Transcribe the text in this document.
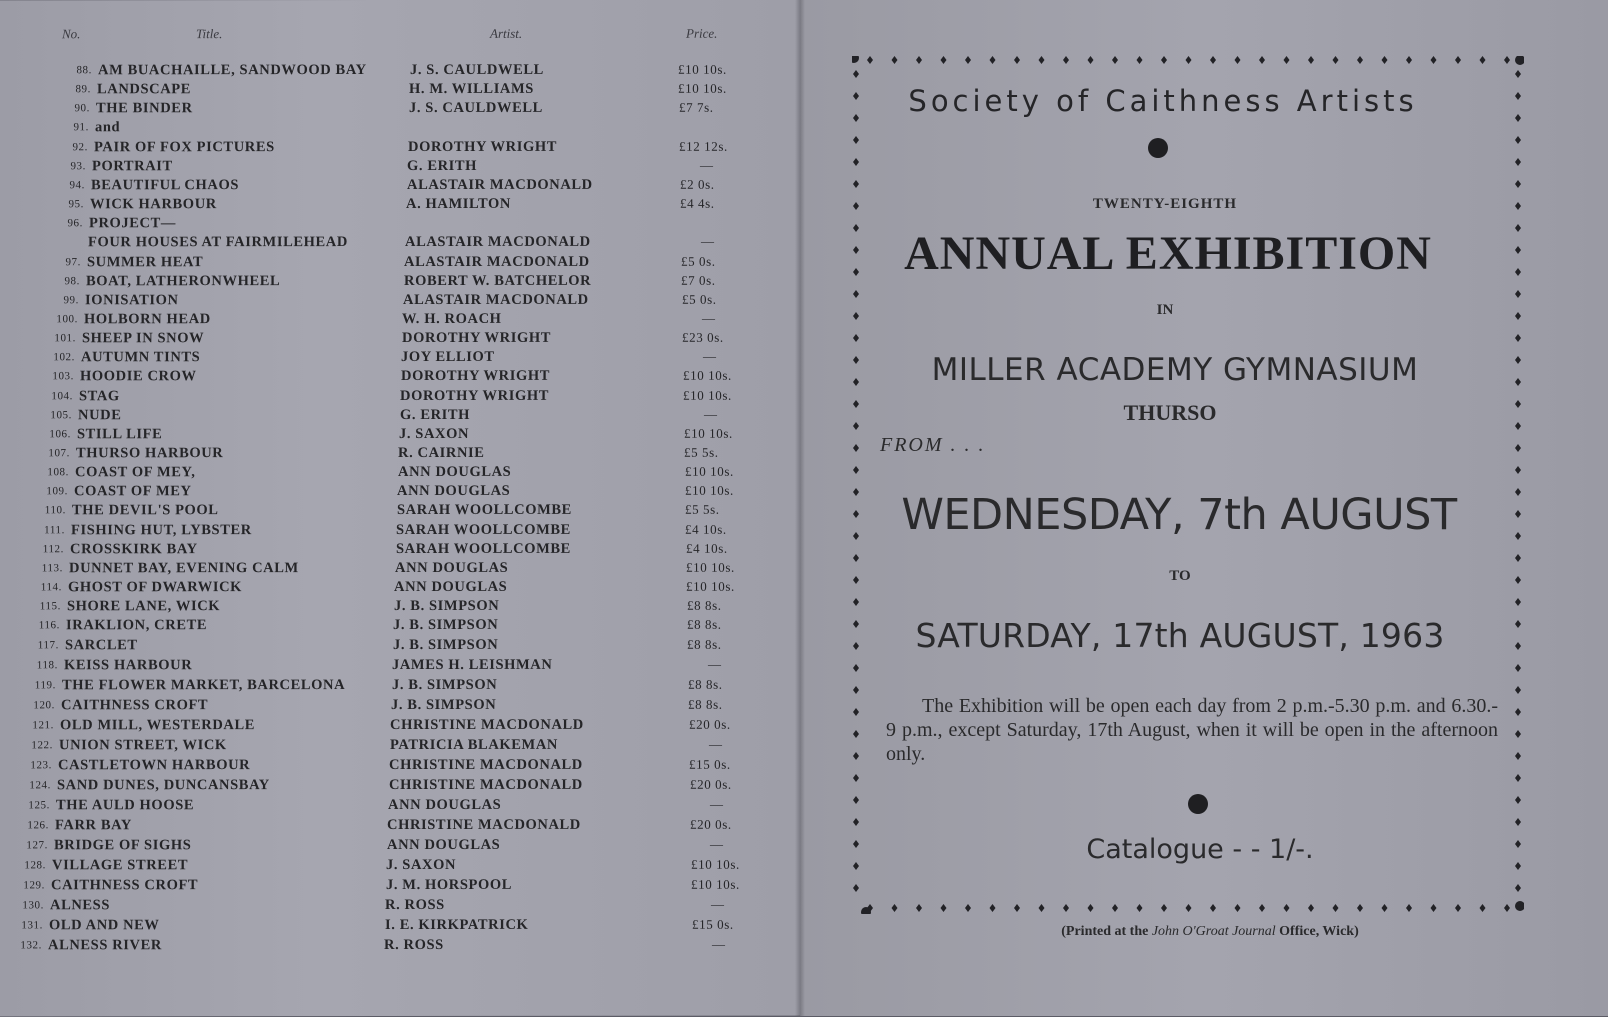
No.	Title.	Artist.	Price.
88. AM BUACHAILLE, SANDWOOD BAY	J. S. CAULDWELL	£10 10s.
89. LANDSCAPE	H. M. WILLIAMS	£10 10s.
90. THE BINDER	J. S. CAULDWELL	£7 7s.
91. and
92. PAIR OF FOX PICTURES	DOROTHY WRIGHT	£12 12s.
93. PORTRAIT	G. ERITH	—
94. BEAUTIFUL CHAOS	ALASTAIR MACDONALD	£2 0s.
95. WICK HARBOUR	A. HAMILTON	£4 4s.
96. PROJECT—
FOUR HOUSES AT FAIRMILEHEAD	ALASTAIR MACDONALD	—
97. SUMMER HEAT	ALASTAIR MACDONALD	£5 0s.
98. BOAT, LATHERONWHEEL	ROBERT W. BATCHELOR	£7 0s.
99. IONISATION	ALASTAIR MACDONALD	£5 0s.
100. HOLBORN HEAD	W. H. ROACH	—
101. SHEEP IN SNOW	DOROTHY WRIGHT	£23 0s.
102. AUTUMN TINTS	JOY ELLIOT	—
103. HOODIE CROW	DOROTHY WRIGHT	£10 10s.
104. STAG	DOROTHY WRIGHT	£10 10s.
105. NUDE	G. ERITH	—
106. STILL LIFE	J. SAXON	£10 10s.
107. THURSO HARBOUR	R. CAIRNIE	£5 5s.
108. COAST OF MEY,	ANN DOUGLAS	£10 10s.
109. COAST OF MEY	ANN DOUGLAS	£10 10s.
110. THE DEVIL'S POOL	SARAH WOOLLCOMBE	£5 5s.
111. FISHING HUT, LYBSTER	SARAH WOOLLCOMBE	£4 10s.
112. CROSSKIRK BAY	SARAH WOOLLCOMBE	£4 10s.
113. DUNNET BAY, EVENING CALM	ANN DOUGLAS	£10 10s.
114. GHOST OF DWARWICK	ANN DOUGLAS	£10 10s.
115. SHORE LANE, WICK	J. B. SIMPSON	£8 8s.
116. IRAKLION, CRETE	J. B. SIMPSON	£8 8s.
117. SARCLET	J. B. SIMPSON	£8 8s.
118. KEISS HARBOUR	JAMES H. LEISHMAN	—
119. THE FLOWER MARKET, BARCELONA	J. B. SIMPSON	£8 8s.
120. CAITHNESS CROFT	J. B. SIMPSON	£8 8s.
121. OLD MILL, WESTERDALE	CHRISTINE MACDONALD	£20 0s.
122. UNION STREET, WICK	PATRICIA BLAKEMAN	—
123. CASTLETOWN HARBOUR	CHRISTINE MACDONALD	£15 0s.
124. SAND DUNES, DUNCANSBAY	CHRISTINE MACDONALD	£20 0s.
125. THE AULD HOOSE	ANN DOUGLAS	—
126. FARR BAY	CHRISTINE MACDONALD	£20 0s.
127. BRIDGE OF SIGHS	ANN DOUGLAS	—
128. VILLAGE STREET	J. SAXON	£10 10s.
129. CAITHNESS CROFT	J. M. HORSPOOL	£10 10s.
130. ALNESS	R. ROSS	—
131. OLD AND NEW	I. E. KIRKPATRICK	£15 0s.
132. ALNESS RIVER	R. ROSS	—
Society of Caithness Artists
TWENTY-EIGHTH
ANNUAL EXHIBITION
IN
MILLER ACADEMY GYMNASIUM
THURSO
FROM . . .
WEDNESDAY, 7th AUGUST
TO
SATURDAY, 17th AUGUST, 1963
The Exhibition will be open each day from 2 p.m.-5.30 p.m. and 6.30.- 9 p.m., except Saturday, 17th August, when it will be open in the afternoon only.
Catalogue - - 1/-.
(Printed at the John O'Groat Journal Office, Wick)
